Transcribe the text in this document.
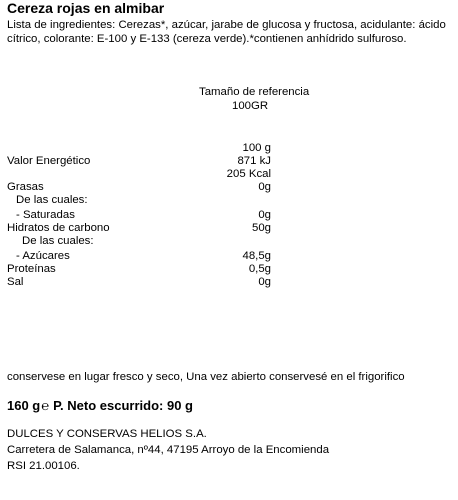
Cereza rojas en almibar
Lista de ingredientes: Cerezas*, azúcar, jarabe de glucosa y fructosa, acidulante: ácido cítrico, colorante: E-100 y E-133 (cereza verde).*contienen anhídrido sulfuroso.
Tamaño de referencia
100GR
100 g
Valor Energético	871 kJ
205 Kcal
Grasas	0g
De las cuales:
- Saturadas	0g
Hidratos de carbono	50g
De las cuales:
- Azúcares	48,5g
Proteínas	0,5g
Sal	0g
conservese en lugar fresco y seco, Una vez abierto conservesé en el frigorifico
160 g℮ P. Neto escurrido: 90 g
DULCES Y CONSERVAS HELIOS S.A.
Carretera de Salamanca, nº44, 47195 Arroyo de la Encomienda
RSI 21.00106.
